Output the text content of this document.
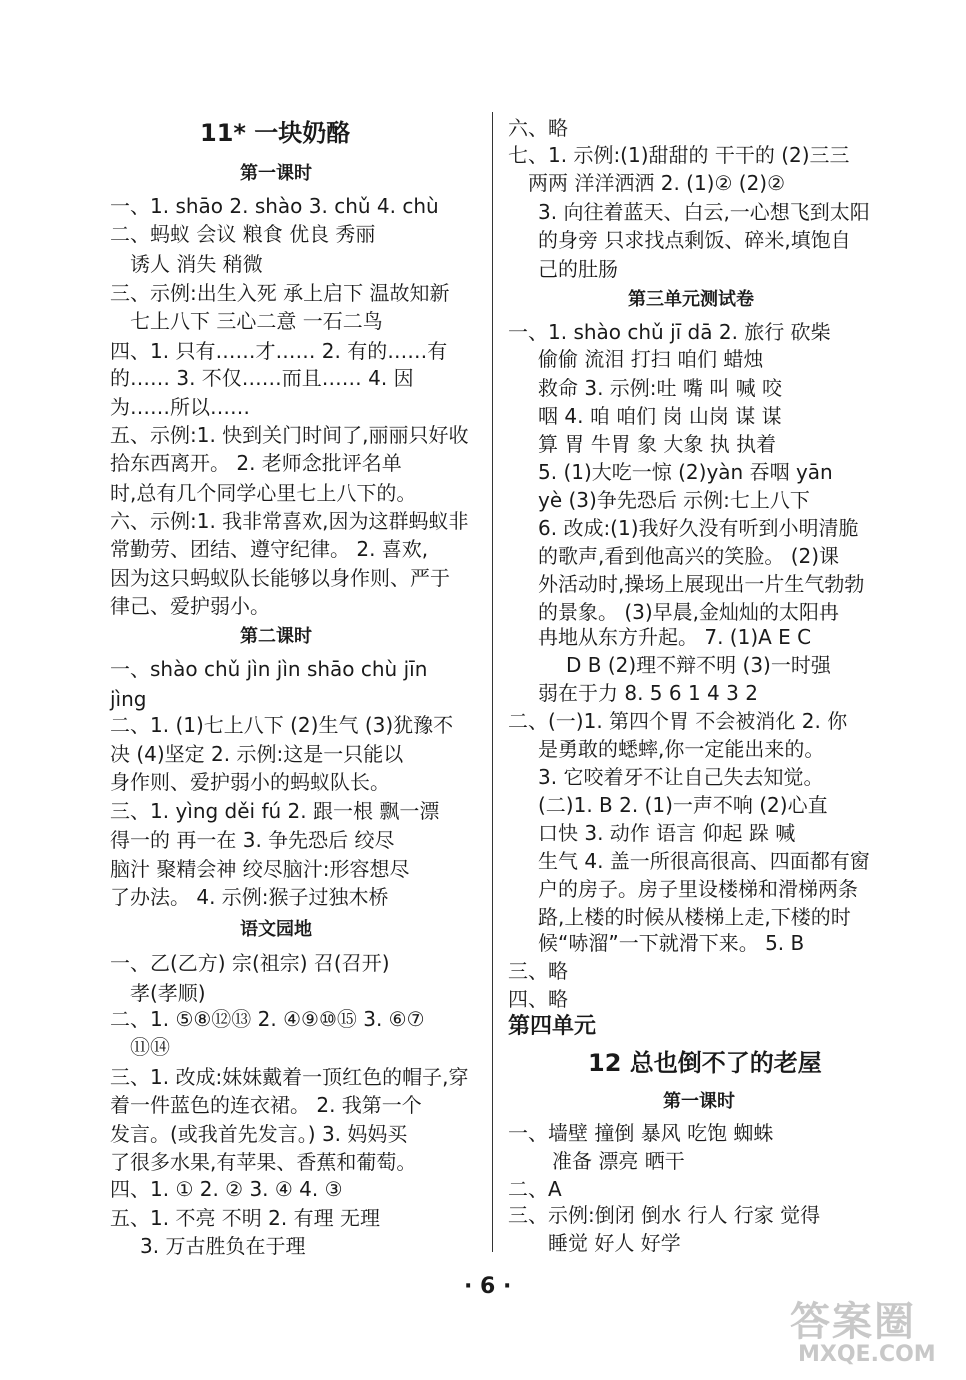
11* 一块奶酪
第一课时
一、1. shāo 2. shào 3. chǔ 4. chù
二、蚂蚁 会议 粮食 优良 秀丽
诱人 消失 稍微
三、示例:出生入死 承上启下 温故知新
七上八下 三心二意 一石二鸟
四、1. 只有……才…… 2. 有的……有
的…… 3. 不仅……而且…… 4. 因
为……所以……
五、示例:1. 快到关门时间了,丽丽只好收
拾东西离开。 2. 老师念批评名单
时,总有几个同学心里七上八下的。
六、示例:1. 我非常喜欢,因为这群蚂蚁非
常勤劳、团结、遵守纪律。 2. 喜欢,
因为这只蚂蚁队长能够以身作则、严于
律己、爱护弱小。
第二课时
一、shào chǔ jìn jìn shāo chù jīn
jìng
二、1. (1)七上八下 (2)生气 (3)犹豫不
决 (4)坚定 2. 示例:这是一只能以
身作则、爱护弱小的蚂蚁队长。
三、1. yìng děi fú 2. 跟一根 飘一漂
得一的 再一在 3. 争先恐后 绞尽
脑汁 聚精会神 绞尽脑汁:形容想尽
了办法。 4. 示例:猴子过独木桥
语文园地
一、乙(乙方) 宗(祖宗) 召(召开)
孝(孝顺)
二、1. ⑤⑧⑫⑬ 2. ④⑨⑩⑮ 3. ⑥⑦
⑪⑭
三、1. 改成:妹妹戴着一顶红色的帽子,穿
着一件蓝色的连衣裙。 2. 我第一个
发言。(或我首先发言。) 3. 妈妈买
了很多水果,有苹果、香蕉和葡萄。
四、1. ① 2. ② 3. ④ 4. ③
五、1. 不亮 不明 2. 有理 无理
3. 万古胜负在于理
六、略
七、1. 示例:(1)甜甜的 干干的 (2)三三
两两 洋洋洒洒 2. (1)② (2)②
3. 向往着蓝天、白云,一心想飞到太阳
的身旁 只求找点剩饭、碎米,填饱自
己的肚肠
第三单元测试卷
一、1. shào chǔ jī dā 2. 旅行 砍柴
偷偷 流泪 打扫 咱们 蜡烛
救命 3. 示例:吐 嘴 叫 喊 咬
咽 4. 咱 咱们 岗 山岗 谋 谋
算 胃 牛胃 象 大象 执 执着
5. (1)大吃一惊 (2)yàn 吞咽 yān
yè (3)争先恐后 示例:七上八下
6. 改成:(1)我好久没有听到小明清脆
的歌声,看到他高兴的笑脸。 (2)课
外活动时,操场上展现出一片生气勃勃
的景象。 (3)早晨,金灿灿的太阳冉
冉地从东方升起。 7. (1)A E C
D B (2)理不辩不明 (3)一时强
弱在于力 8. 5 6 1 4 3 2
二、(一)1. 第四个胃 不会被消化 2. 你
是勇敢的蟋蟀,你一定能出来的。
3. 它咬着牙不让自己失去知觉。
(二)1. B 2. (1)一声不响 (2)心直
口快 3. 动作 语言 仰起 跺 喊
生气 4. 盖一所很高很高、四面都有窗
户的房子。房子里设楼梯和滑梯两条
路,上楼的时候从楼梯上走,下楼的时
候“哧溜”一下就滑下来。 5. B
三、略
四、略
第四单元
12 总也倒不了的老屋
第一课时
一、墙壁 撞倒 暴风 吃饱 蜘蛛
准备 漂亮 晒干
二、A
三、示例:倒闭 倒水 行人 行家 觉得
睡觉 好人 好学
· 6 ·
答案圈
MXQE.COM
